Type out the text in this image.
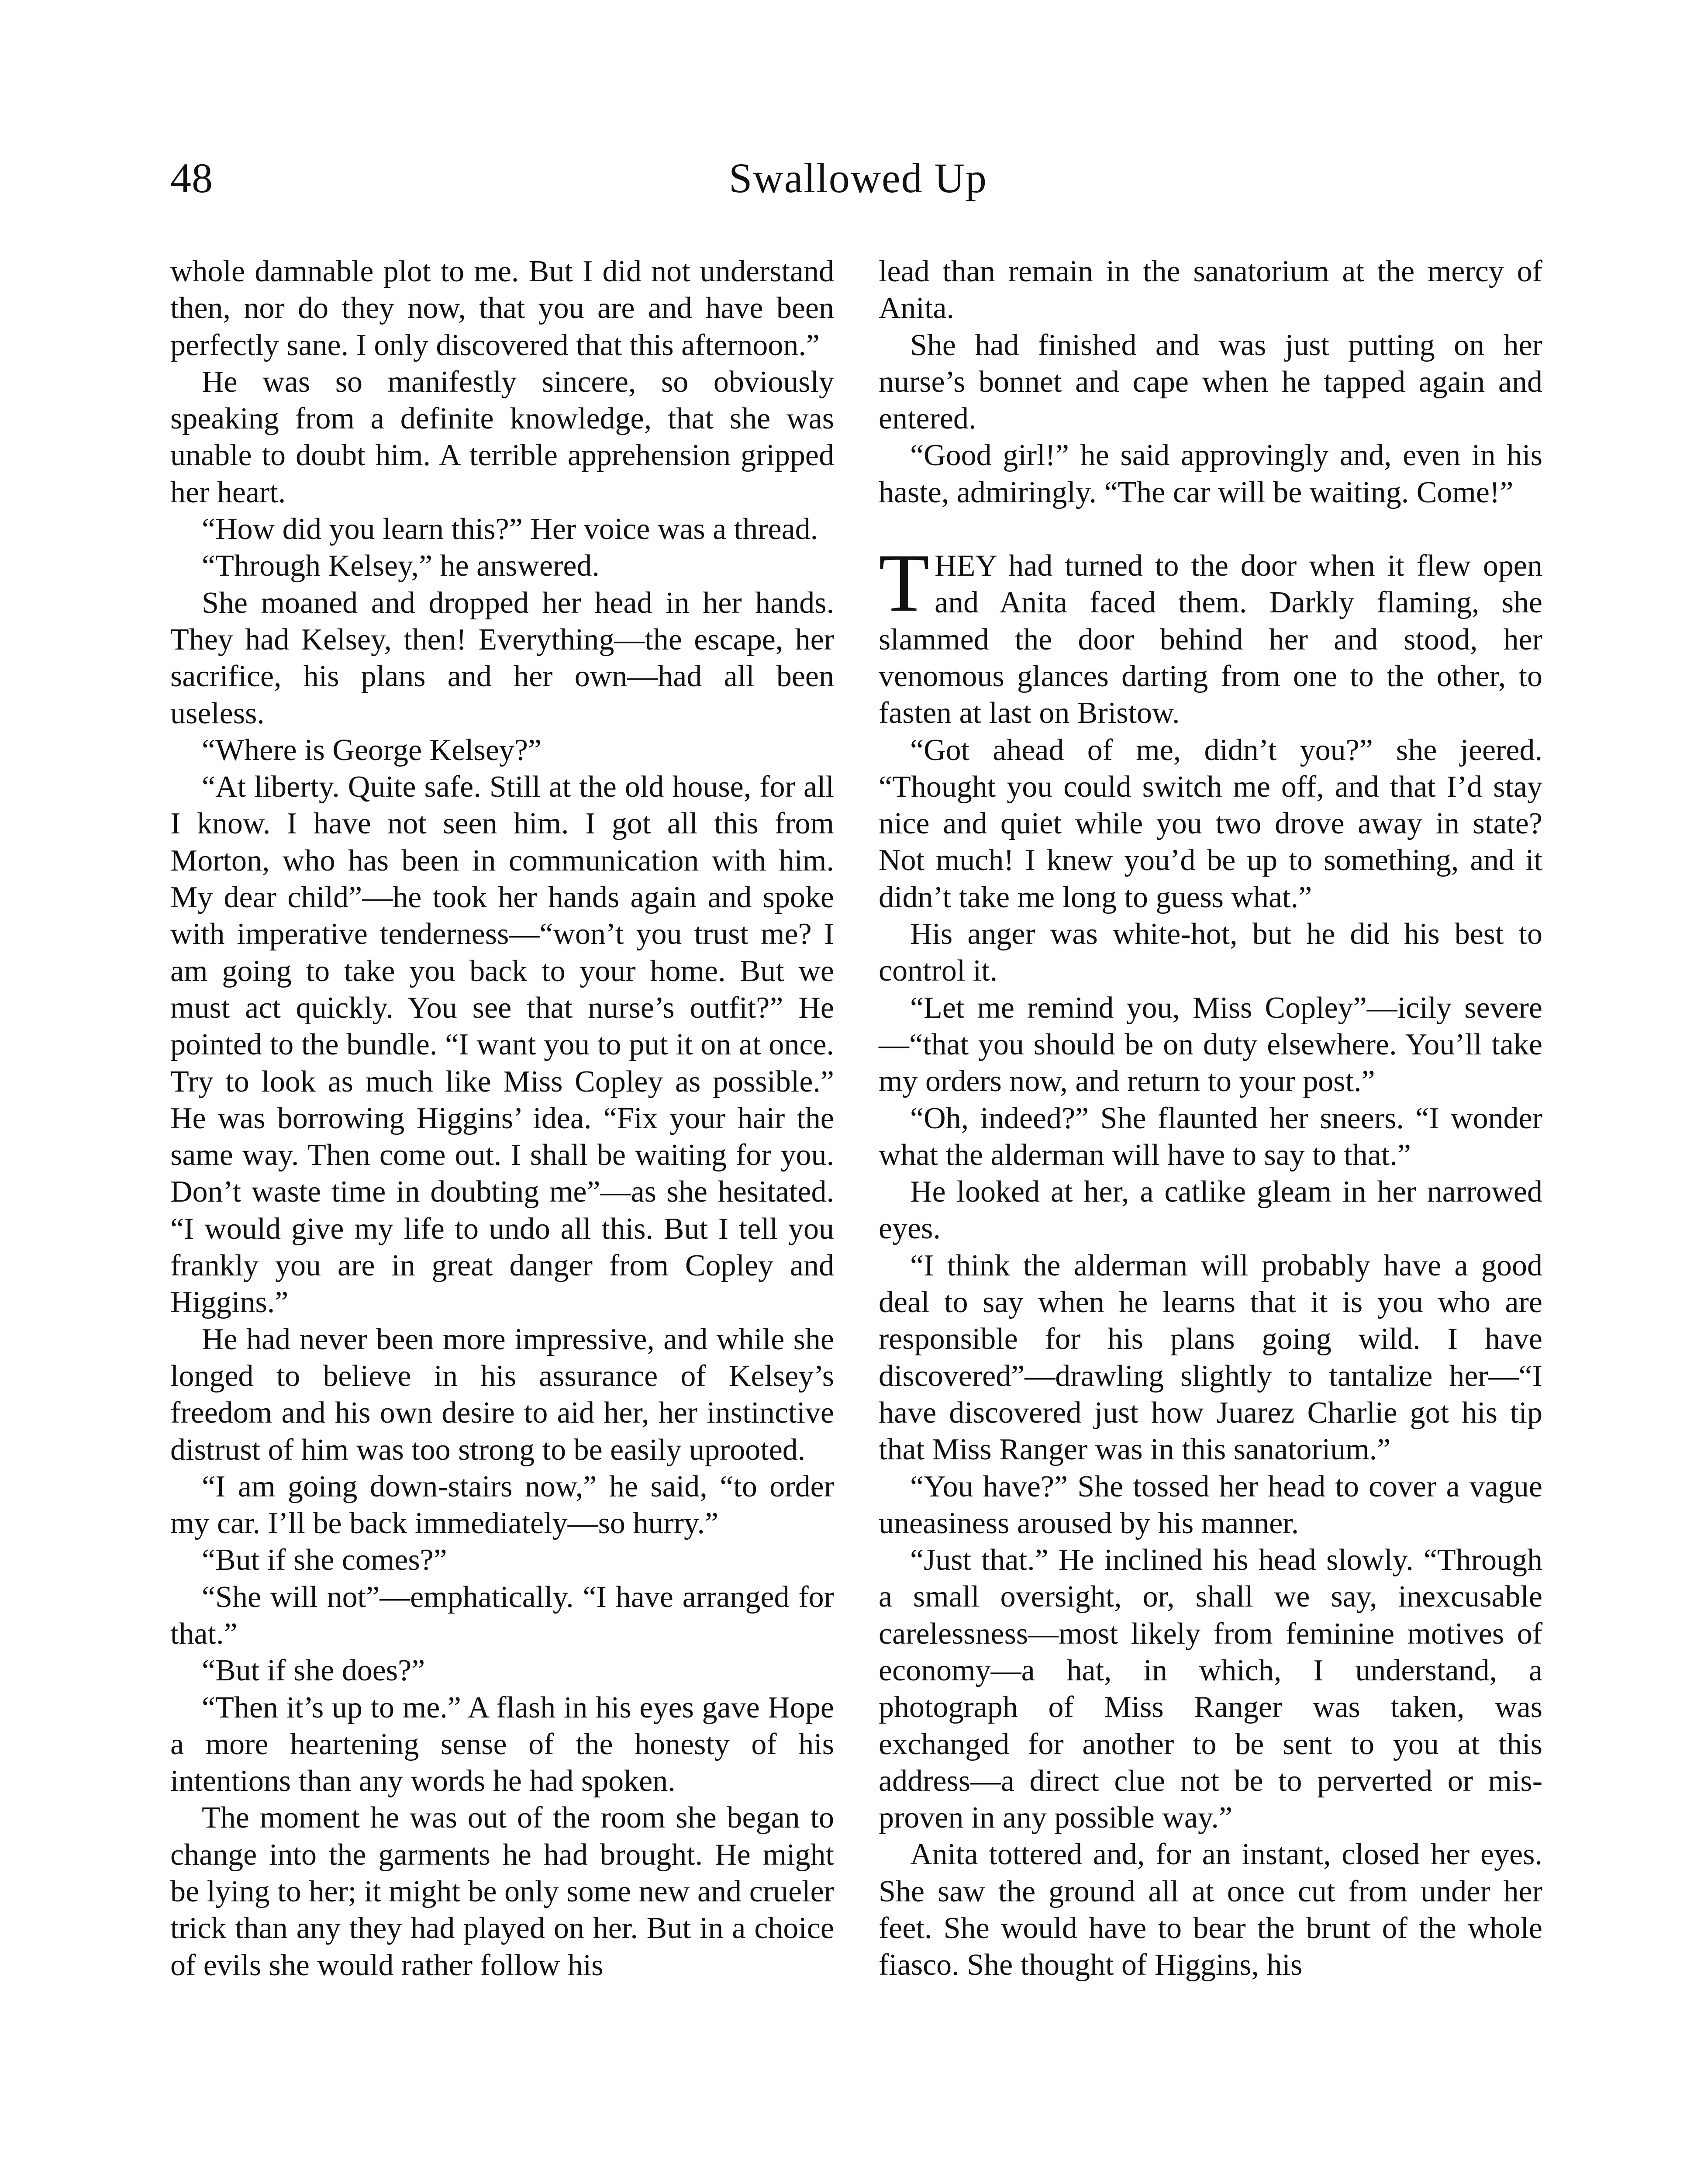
48	Swallowed Up

whole damnable plot to me. But I did not understand then, nor do they now, that you are and have been perfectly sane. I only discovered that this afternoon.”

He was so manifestly sincere, so obviously speaking from a definite knowledge, that she was unable to doubt him. A terrible apprehension gripped her heart.

“How did you learn this?” Her voice was a thread.

“Through Kelsey,” he answered.

She moaned and dropped her head in her hands. They had Kelsey, then! Everything—the escape, her sacrifice, his plans and her own—had all been useless.

“Where is George Kelsey?”

“At liberty. Quite safe. Still at the old house, for all I know. I have not seen him. I got all this from Morton, who has been in communication with him. My dear child”—he took her hands again and spoke with imperative tenderness—“won’t you trust me? I am going to take you back to your home. But we must act quickly. You see that nurse’s outfit?” He pointed to the bundle. “I want you to put it on at once. Try to look as much like Miss Copley as possible.” He was borrowing Higgins’ idea. “Fix your hair the same way. Then come out. I shall be waiting for you. Don’t waste time in doubting me”—as she hesitated. “I would give my life to undo all this. But I tell you frankly you are in great danger from Copley and Higgins.”

He had never been more impressive, and while she longed to believe in his assurance of Kelsey’s freedom and his own desire to aid her, her instinctive distrust of him was too strong to be easily uprooted.

“I am going down-stairs now,” he said, “to order my car. I’ll be back immediately—so hurry.”

“But if she comes?”

“She will not”—emphatically. “I have arranged for that.”

“But if she does?”

“Then it’s up to me.” A flash in his eyes gave Hope a more heartening sense of the honesty of his intentions than any words he had spoken.

The moment he was out of the room she began to change into the garments he had brought. He might be lying to her; it might be only some new and crueler trick than any they had played on her. But in a choice of evils she would rather follow his

lead than remain in the sanatorium at the mercy of Anita.

She had finished and was just putting on her nurse’s bonnet and cape when he tapped again and entered.

“Good girl!” he said approvingly and, even in his haste, admiringly. “The car will be waiting. Come!”

THEY had turned to the door when it flew open and Anita faced them. Darkly flaming, she slammed the door behind her and stood, her venomous glances darting from one to the other, to fasten at last on Bristow.

“Got ahead of me, didn’t you?” she jeered. “Thought you could switch me off, and that I’d stay nice and quiet while you two drove away in state? Not much! I knew you’d be up to something, and it didn’t take me long to guess what.”

His anger was white-hot, but he did his best to control it.

“Let me remind you, Miss Copley”—icily severe—“that you should be on duty elsewhere. You’ll take my orders now, and return to your post.”

“Oh, indeed?” She flaunted her sneers. “I wonder what the alderman will have to say to that.”

He looked at her, a catlike gleam in her narrowed eyes.

“I think the alderman will probably have a good deal to say when he learns that it is you who are responsible for his plans going wild. I have discovered”—drawling slightly to tantalize her—“I have discovered just how Juarez Charlie got his tip that Miss Ranger was in this sanatorium.”

“You have?” She tossed her head to cover a vague uneasiness aroused by his manner.

“Just that.” He inclined his head slowly. “Through a small oversight, or, shall we say, inexcusable carelessness—most likely from feminine motives of economy—a hat, in which, I understand, a photograph of Miss Ranger was taken, was exchanged for another to be sent to you at this address—a direct clue not be to perverted or misproven in any possible way.”

Anita tottered and, for an instant, closed her eyes. She saw the ground all at once cut from under her feet. She would have to bear the brunt of the whole fiasco. She thought of Higgins, his
